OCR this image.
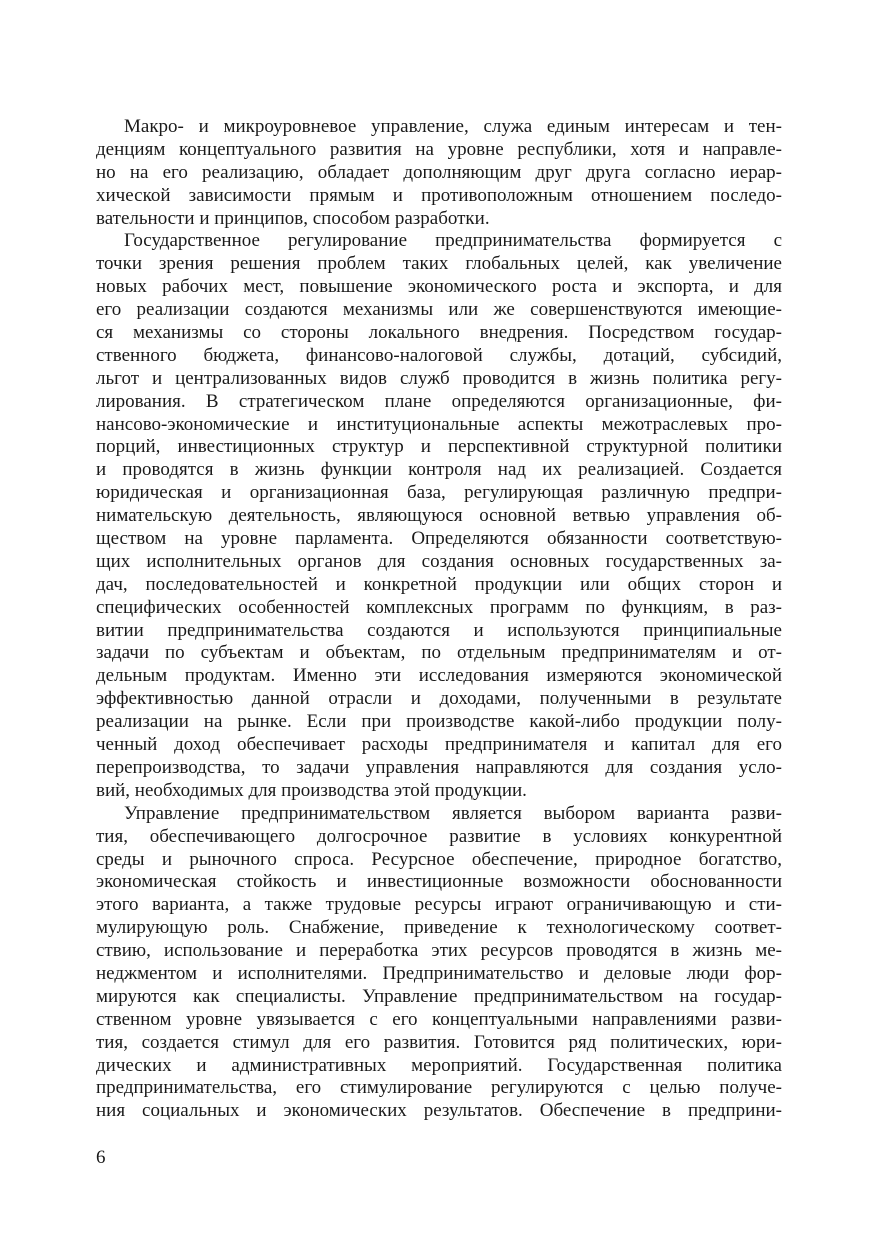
Макро- и микроуровневое управление, служа единым интересам и тен-
денциям концептуального развития на уровне республики, хотя и направле-
но на его реализацию, обладает дополняющим друг друга согласно иерар-
хической зависимости прямым и противоположным отношением последо-
вательности и принципов, способом разработки.
Государственное регулирование предпринимательства формируется с
точки зрения решения проблем таких глобальных целей, как увеличение
новых рабочих мест, повышение экономического роста и экспорта, и для
его реализации создаются механизмы или же совершенствуются имеющие-
ся механизмы со стороны локального внедрения. Посредством государ-
ственного бюджета, финансово-налоговой службы, дотаций, субсидий,
льгот и централизованных видов служб проводится в жизнь политика регу-
лирования. В стратегическом плане определяются организационные, фи-
нансово-экономические и институциональные аспекты межотраслевых про-
порций, инвестиционных структур и перспективной структурной политики
и проводятся в жизнь функции контроля над их реализацией. Создается
юридическая и организационная база, регулирующая различную предпри-
нимательскую деятельность, являющуюся основной ветвью управления об-
ществом на уровне парламента. Определяются обязанности соответствую-
щих исполнительных органов для создания основных государственных за-
дач, последовательностей и конкретной продукции или общих сторон и
специфических особенностей комплексных программ по функциям, в раз-
витии предпринимательства создаются и используются принципиальные
задачи по субъектам и объектам, по отдельным предпринимателям и от-
дельным продуктам. Именно эти исследования измеряются экономической
эффективностью данной отрасли и доходами, полученными в результате
реализации на рынке. Если при производстве какой-либо продукции полу-
ченный доход обеспечивает расходы предпринимателя и капитал для его
перепроизводства, то задачи управления направляются для создания усло-
вий, необходимых для производства этой продукции.
Управление предпринимательством является выбором варианта разви-
тия, обеспечивающего долгосрочное развитие в условиях конкурентной
среды и рыночного спроса. Ресурсное обеспечение, природное богатство,
экономическая стойкость и инвестиционные возможности обоснованности
этого варианта, а также трудовые ресурсы играют ограничивающую и сти-
мулирующую роль. Снабжение, приведение к технологическому соответ-
ствию, использование и переработка этих ресурсов проводятся в жизнь ме-
неджментом и исполнителями. Предпринимательство и деловые люди фор-
мируются как специалисты. Управление предпринимательством на государ-
ственном уровне увязывается с его концептуальными направлениями разви-
тия, создается стимул для его развития. Готовится ряд политических, юри-
дических и административных мероприятий. Государственная политика
предпринимательства, его стимулирование регулируются с целью получе-
ния социальных и экономических результатов. Обеспечение в предприни-
6
